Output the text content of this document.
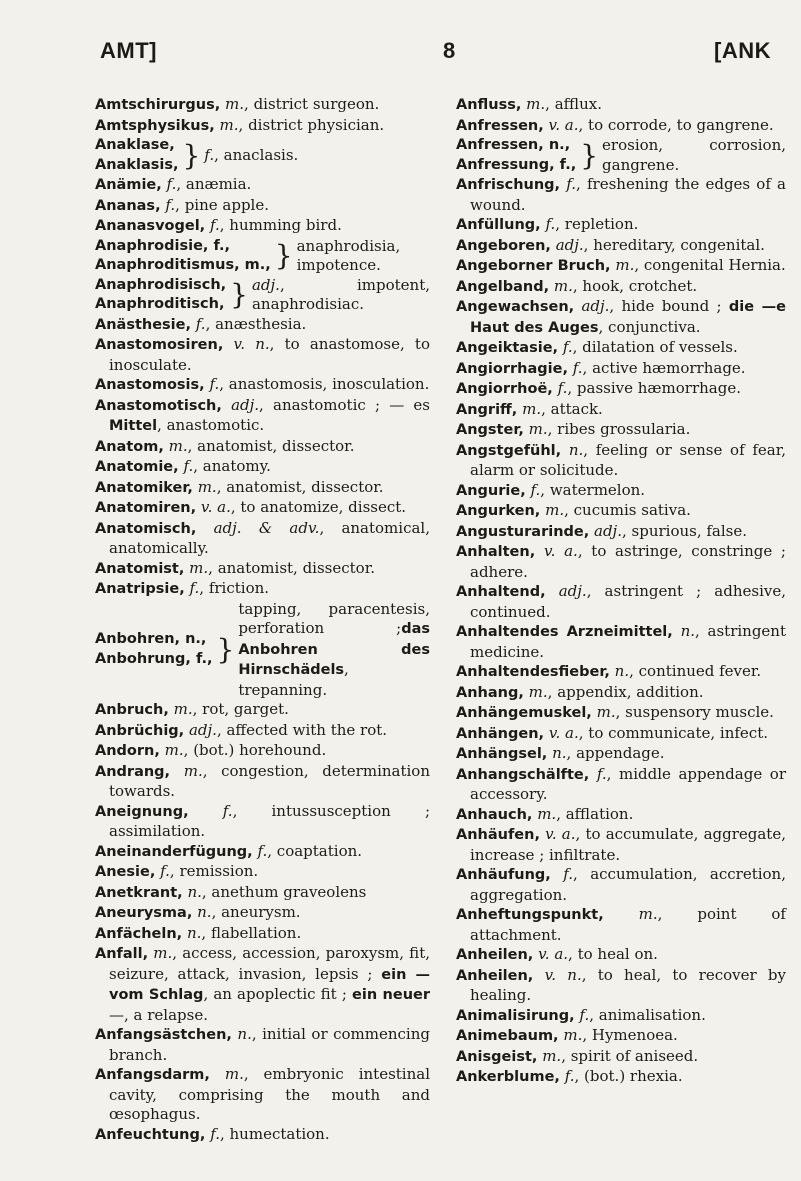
AMT]	8	[ANK

Amtschirurgus, m., district surgeon.

Amtsphysikus, m., district physician.

Anaklase,
Anaklasis, } f., anaclasis.

Anämie, f., anæmia.

Ananas, f., pine apple.

Ananasvogel, f., humming bird.

Anaphrodisie, f.,
Anaphroditismus, m., } anaphrodisia, impotence.
Anaphrodisisch,
Anaphroditisch, } adj., impotent, anaphrodisiac.

Anästhesie, f., anæsthesia.

Anastomosiren, v. n., to anastomose, to inosculate.

Anastomosis, f., anastomosis, inosculation.

Anastomotisch, adj., anastomotic ; — es Mittel, anastomotic.

Anatom, m., anatomist, dissector.

Anatomie, f., anatomy.

Anatomiker, m., anatomist, dissector.

Anatomiren, v. a., to anatomize, dissect.

Anatomisch, adj. & adv., anatomical, anatomically.

Anatomist, m., anatomist, dissector.

Anatripsie, f., friction.

Anbohren, n.,
Anbohrung, f., }
tapping, paracentesis, perforation ;das Anbohren des Hirnschädels, trepanning.

Anbruch, m., rot, garget.

Anbrüchig, adj., affected with the rot.

Andorn, m., (bot.) horehound.

Andrang, m., congestion, determination towards.

Aneignung, f., intussusception ; assimilation.

Aneinanderfügung, f., coaptation.

Anesie, f., remission.

Anetkrant, n., anethum graveolens

Aneurysma, n., aneurysm.

Anfächeln, n., flabellation.

Anfall, m., access, accession, paroxysm, fit, seizure, attack, invasion, lepsis ; ein — vom Schlag, an apoplectic fit ; ein neuer—, a relapse.

Anfangsästchen, n., initial or commencing branch.

Anfangsdarm, m., embryonic intestinal cavity, comprising the mouth and œsophagus.

Anfeuchtung, f., humectation.

Anfluss, m., afflux.

Anfressen, v. a., to corrode, to gangrene.

Anfressen, n.,
Anfressung, f., } erosion, corrosion, gangrene.

Anfrischung, f., freshening the edges of a wound.

Anfüllung, f., repletion.

Angeboren, adj., hereditary, congenital.

Angeborner Bruch, m., congenital Hernia.

Angelband, m., hook, crotchet.

Angewachsen, adj., hide bound ; die —e Haut des Auges, conjunctiva.

Angeiktasie, f., dilatation of vessels.

Angiorrhagie, f., active hæmorrhage.

Angiorrhoë, f., passive hæmorrhage.

Angriff, m., attack.

Angster, m., ribes grossularia.

Angstgefühl, n., feeling or sense of fear, alarm or solicitude.

Angurie, f., watermelon.

Angurken, m., cucumis sativa.

Angusturarinde, adj., spurious, false.

Anhalten, v. a., to astringe, constringe ; adhere.

Anhaltend, adj., astringent ; adhesive, continued.

Anhaltendes Arzneimittel, n., astringent medicine.

Anhaltendesfieber, n., continued fever.

Anhang, m., appendix, addition.

Anhängemuskel, m., suspensory muscle.

Anhängen, v. a., to communicate, infect.

Anhängsel, n., appendage.

Anhangschälfte, f., middle appendage or accessory.

Anhauch, m., afflation.

Anhäufen, v. a., to accumulate, aggregate, increase ; infiltrate.

Anhäufung, f., accumulation, accretion, aggregation.

Anheftungspunkt, m., point of attachment.

Anheilen, v. a., to heal on.

Anheilen, v. n., to heal, to recover by healing.

Animalisirung, f., animalisation.

Animebaum, m., Hymenoea.

Anisgeist, m., spirit of aniseed.

Ankerblume, f., (bot.) rhexia.
